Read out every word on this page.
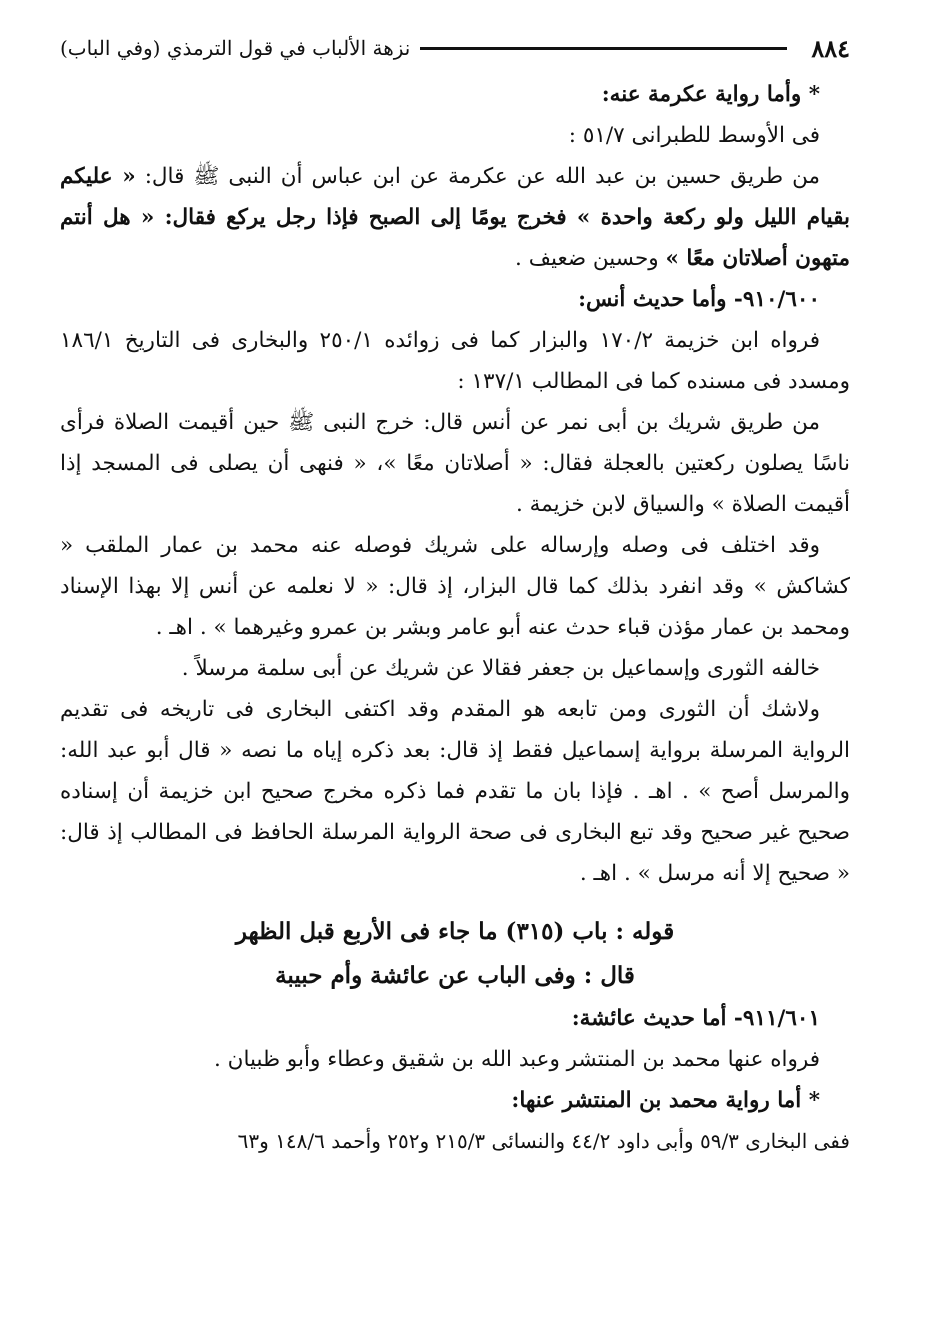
٨٨٤
نزهة الألباب في قول الترمذي (وفي الباب)

* وأما رواية عكرمة عنه:

فى الأوسط للطبرانى ٥١/٧ :

من طريق حسين بن عبد الله عن عكرمة عن ابن عباس أن النبى ﷺ قال: « عليكم بقيام الليل ولو ركعة واحدة » فخرج يومًا إلى الصبح فإذا رجل يركع فقال: « هل أنتم متهون أصلاتان معًا » وحسين ضعيف .

٩١٠/٦٠٠- وأما حديث أنس:

فرواه ابن خزيمة ١٧٠/٢ والبزار كما فى زوائده ٢٥٠/١ والبخارى فى التاريخ ١٨٦/١ ومسدد فى مسنده كما فى المطالب ١٣٧/١ :

من طريق شريك بن أبى نمر عن أنس قال: خرج النبى ﷺ حين أقيمت الصلاة فرأى ناسًا يصلون ركعتين بالعجلة فقال: « أصلاتان معًا »، « فنهى أن يصلى فى المسجد إذا أقيمت الصلاة » والسياق لابن خزيمة .

وقد اختلف فى وصله وإرساله على شريك فوصله عنه محمد بن عمار الملقب « كشاكش » وقد انفرد بذلك كما قال البزار، إذ قال: « لا نعلمه عن أنس إلا بهذا الإسناد ومحمد بن عمار مؤذن قباء حدث عنه أبو عامر وبشر بن عمرو وغيرهما » . اهـ .

خالفه الثورى وإسماعيل بن جعفر فقالا عن شريك عن أبى سلمة مرسلاً .

ولاشك أن الثورى ومن تابعه هو المقدم وقد اكتفى البخارى فى تاريخه فى تقديم الرواية المرسلة برواية إسماعيل فقط إذ قال: بعد ذكره إياه ما نصه « قال أبو عبد الله: والمرسل أصح » . اهـ . فإذا بان ما تقدم فما ذكره مخرج صحيح ابن خزيمة أن إسناده صحيح غير صحيح وقد تبع البخارى فى صحة الرواية المرسلة الحافظ فى المطالب إذ قال: « صحيح إلا أنه مرسل » . اهـ .

قوله : باب (٣١٥) ما جاء فى الأربع قبل الظهر
قال : وفى الباب عن عائشة وأم حبيبة

٩١١/٦٠١- أما حديث عائشة:

فرواه عنها محمد بن المنتشر وعبد الله بن شقيق وعطاء وأبو ظبيان .

* أما رواية محمد بن المنتشر عنها:

ففى البخارى ٥٩/٣ وأبى داود ٤٤/٢ والنسائى ٢١٥/٣ و٢٥٢ وأحمد ١٤٨/٦ و٦٣
